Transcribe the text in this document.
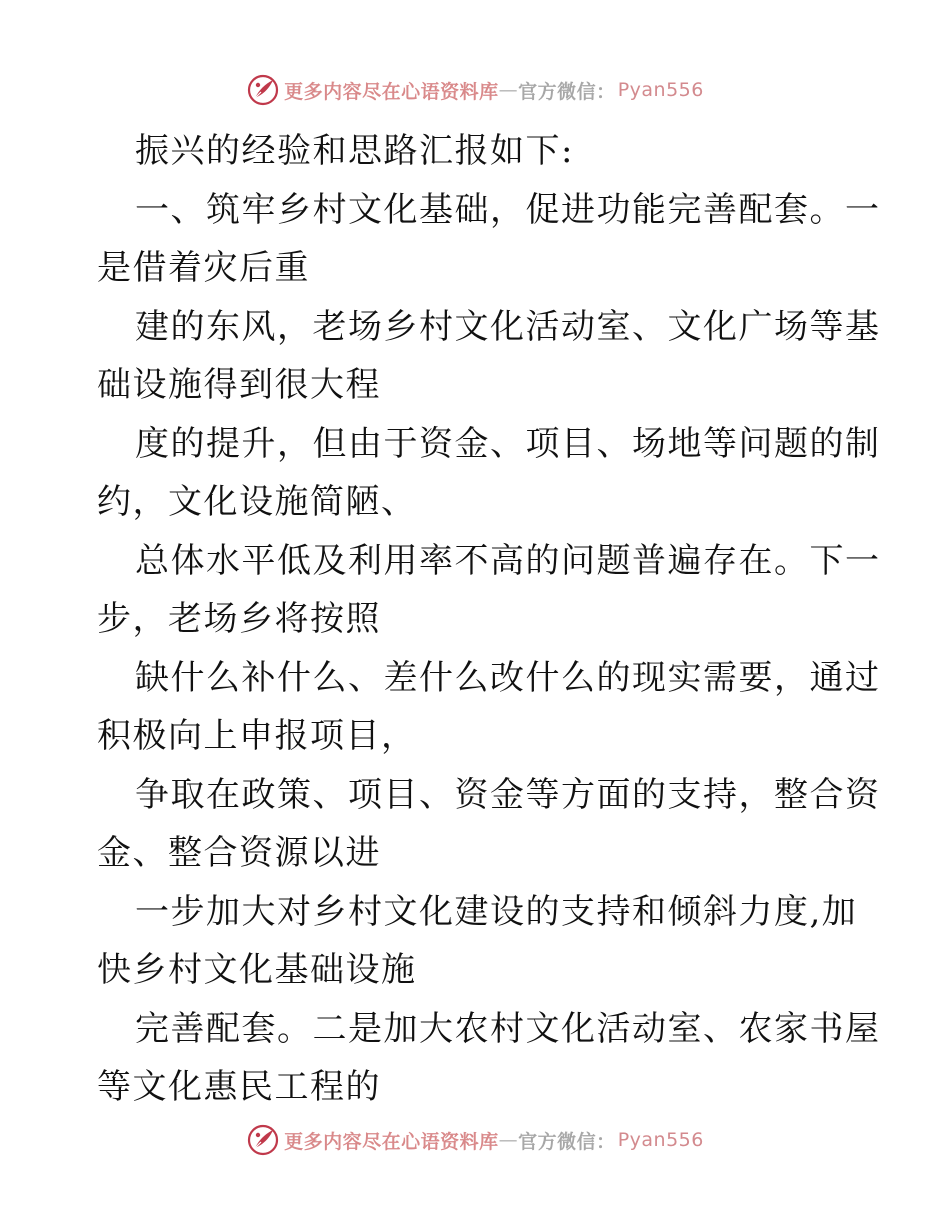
更多内容尽在心语资料库 — 官方微信： Pyan556
振兴的经验和思路汇报如下:
一、筑牢乡村文化基础，促进功能完善配套。一
是借着灾后重
建的东风，老场乡村文化活动室、文化广场等基
础设施得到很大程
度的提升，但由于资金、项目、场地等问题的制
约，文化设施简陋、
总体水平低及利用率不高的问题普遍存在。下一
步，老场乡将按照
缺什么补什么、差什么改什么的现实需要，通过
积极向上申报项目，
争取在政策、项目、资金等方面的支持，整合资
金、整合资源以进
一步加大对乡村文化建设的支持和倾斜力度,加
快乡村文化基础设施
完善配套。二是加大农村文化活动室、农家书屋
等文化惠民工程的
更多内容尽在心语资料库 — 官方微信： Pyan556
